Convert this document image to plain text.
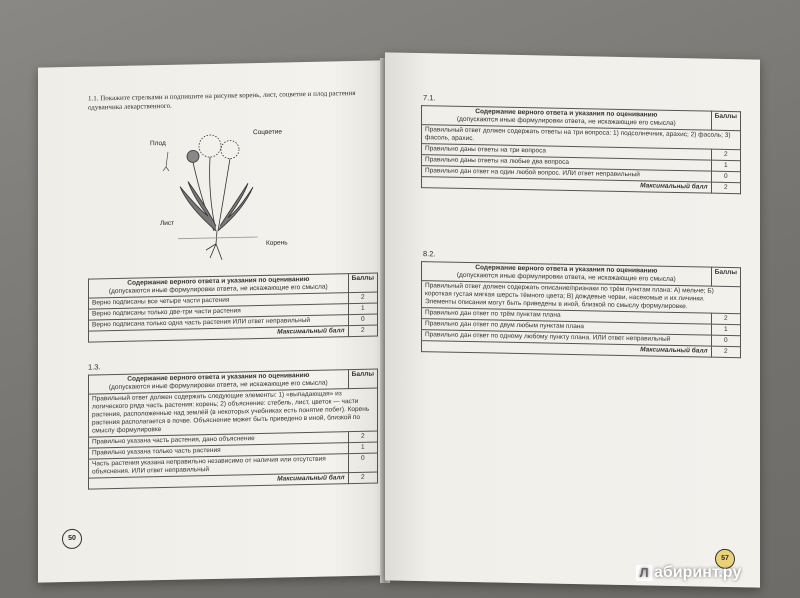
1.1. Покажите стрелками и подпишите на рисунке корень, лист, соцветие и плод растения одуванчика лекарственного.
Плод
Соцветие
Лист
Корень
Содержание верного ответа и указания по оцениванию
(допускаются иные формулировки ответа, не искажающие его смысла)	Баллы
Верно подписаны все четыре части растения	2
Верно подписаны только две-три части растения	1
Верно подписана только одна часть растения ИЛИ ответ неправильный	0
Максимальный балл	2
1.3.
Содержание верного ответа и указания по оцениванию
(допускаются иные формулировки ответа, не искажающие его смысла)	Баллы
Правильный ответ должен содержать следующие элементы: 1) «выпадающая» из логического ряда часть растения: корень; 2) объяснение: стебель, лист, цветок — части растения, расположенные над землёй (в некоторых учебниках есть понятие побег). Корень растения располагается в почве. Объяснение может быть приведено в иной, близкой по смыслу формулировке	
Правильно указана часть растения, дано объяснение	2
Правильно указана только часть растения	1
Часть растения указана неправильно независимо от наличия или отсутствия объяснения. ИЛИ ответ неправильный	0
Максимальный балл	2
50
7.1.
Содержание верного ответа и указания по оцениванию
(допускаются иные формулировки ответа, не искажающие его смысла)	Баллы
Правильный ответ должен содержать ответы на три вопроса: 1) подсолнечник, арахис; 2) фасоль; 3) фасоль, арахис.	
Правильно даны ответы на три вопроса	2
Правильно даны ответы на любые два вопроса	1
Правильно дан ответ на один любой вопрос. ИЛИ ответ неправильный	0
Максимальный балл	2
8.2.
Содержание верного ответа и указания по оцениванию
(допускаются иные формулировки ответа, не искажающие его смысла)	Баллы
Правильный ответ должен содержать описание/признаки по трём пунктам плана: А) мельче; Б) короткая густая мягкая шерсть тёмного цвета; В) дождевые черви, насекомые и их личинки. Элементы описания могут быть приведены в иной, близкой по смыслу формулировке.	
Правильно дан ответ по трём пунктам плана	2
Правильно дан ответ по двум любым пунктам плана	1
Правильно дан ответ по одному любому пункту плана. ИЛИ ответ неправильный	0
Максимальный балл	2
57
Л абиринт.ру
